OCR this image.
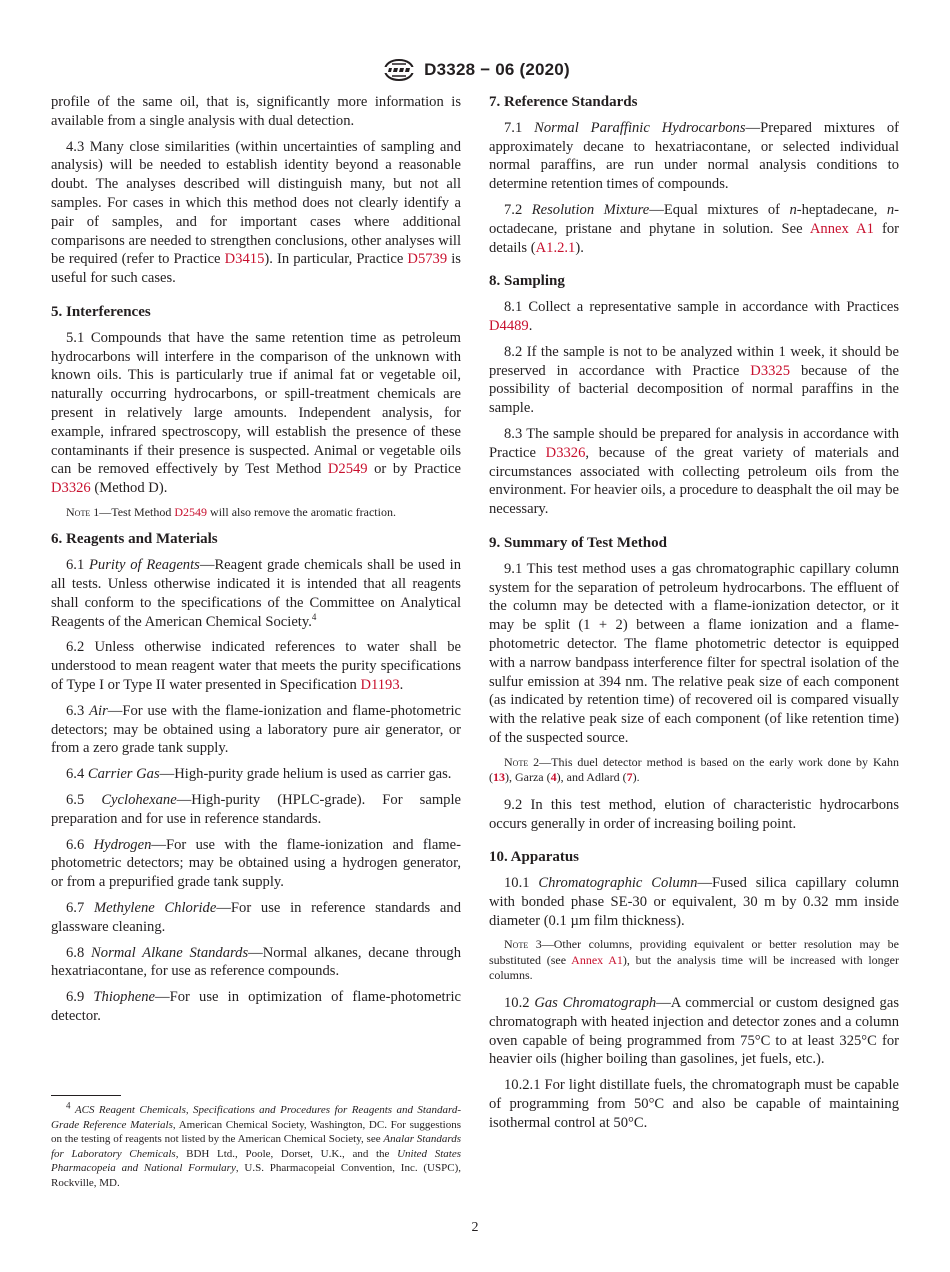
D3328 − 06 (2020)

profile of the same oil, that is, significantly more information is available from a single analysis with dual detection.

4.3 Many close similarities (within uncertainties of sampling and analysis) will be needed to establish identity beyond a reasonable doubt. The analyses described will distinguish many, but not all samples. For cases in which this method does not clearly identify a pair of samples, and for important cases where additional comparisons are needed to strengthen conclusions, other analyses will be required (refer to Practice D3415). In particular, Practice D5739 is useful for such cases.

5. Interferences

5.1 Compounds that have the same retention time as petroleum hydrocarbons will interfere in the comparison of the unknown with known oils. This is particularly true if animal fat or vegetable oil, naturally occurring hydrocarbons, or spill-treatment chemicals are present in relatively large amounts. Independent analysis, for example, infrared spectroscopy, will establish the presence of these contaminants if their presence is suspected. Animal or vegetable oils can be removed effectively by Test Method D2549 or by Practice D3326 (Method D).

Note 1—Test Method D2549 will also remove the aromatic fraction.

6. Reagents and Materials

6.1 Purity of Reagents—Reagent grade chemicals shall be used in all tests. Unless otherwise indicated it is intended that all reagents shall conform to the specifications of the Committee on Analytical Reagents of the American Chemical Society.$^4$

6.2 Unless otherwise indicated references to water shall be understood to mean reagent water that meets the purity specifications of Type I or Type II water presented in Specification D1193.

6.3 Air—For use with the flame-ionization and flame-photometric detectors; may be obtained using a laboratory pure air generator, or from a zero grade tank supply.

6.4 Carrier Gas—High-purity grade helium is used as carrier gas.

6.5 Cyclohexane—High-purity (HPLC-grade). For sample preparation and for use in reference standards.

6.6 Hydrogen—For use with the flame-ionization and flame-photometric detectors; may be obtained using a hydrogen generator, or from a prepurified grade tank supply.

6.7 Methylene Chloride—For use in reference standards and glassware cleaning.

6.8 Normal Alkane Standards—Normal alkanes, decane through hexatriacontane, for use as reference compounds.

6.9 Thiophene—For use in optimization of flame-photometric detector.

$^4$ ACS Reagent Chemicals, Specifications and Procedures for Reagents and Standard-Grade Reference Materials, American Chemical Society, Washington, DC. For suggestions on the testing of reagents not listed by the American Chemical Society, see Analar Standards for Laboratory Chemicals, BDH Ltd., Poole, Dorset, U.K., and the United States Pharmacopeia and National Formulary, U.S. Pharmacopeial Convention, Inc. (USPC), Rockville, MD.
7. Reference Standards

7.1 Normal Paraffinic Hydrocarbons—Prepared mixtures of approximately decane to hexatriacontane, or selected individual normal paraffins, are run under normal analysis conditions to determine retention times of compounds.

7.2 Resolution Mixture—Equal mixtures of n-heptadecane, n-octadecane, pristane and phytane in solution. See Annex A1 for details (A1.2.1).

8. Sampling

8.1 Collect a representative sample in accordance with Practices D4489.

8.2 If the sample is not to be analyzed within 1 week, it should be preserved in accordance with Practice D3325 because of the possibility of bacterial decomposition of normal paraffins in the sample.

8.3 The sample should be prepared for analysis in accordance with Practice D3326, because of the great variety of materials and circumstances associated with collecting petroleum oils from the environment. For heavier oils, a procedure to deasphalt the oil may be necessary.

9. Summary of Test Method

9.1 This test method uses a gas chromatographic capillary column system for the separation of petroleum hydrocarbons. The effluent of the column may be detected with a flame-ionization detector, or it may be split (1 + 2) between a flame ionization and a flame-photometric detector. The flame photometric detector is equipped with a narrow bandpass interference filter for spectral isolation of the sulfur emission at 394 nm. The relative peak size of each component (as indicated by retention time) of recovered oil is compared visually with the relative peak size of each component (of like retention time) of the suspected source.

Note 2—This duel detector method is based on the early work done by Kahn (13), Garza (4), and Adlard (7).

9.2 In this test method, elution of characteristic hydrocarbons occurs generally in order of increasing boiling point.

10. Apparatus

10.1 Chromatographic Column—Fused silica capillary column with bonded phase SE-30 or equivalent, 30 m by 0.32 mm inside diameter (0.1 µm film thickness).

Note 3—Other columns, providing equivalent or better resolution may be substituted (see Annex A1), but the analysis time will be increased with longer columns.

10.2 Gas Chromatograph—A commercial or custom designed gas chromatograph with heated injection and detector zones and a column oven capable of being programmed from 75°C to at least 325°C for heavier oils (higher boiling than gasolines, jet fuels, etc.).

10.2.1 For light distillate fuels, the chromatograph must be capable of programming from 50°C and also be capable of maintaining isothermal control at 50°C.

2
